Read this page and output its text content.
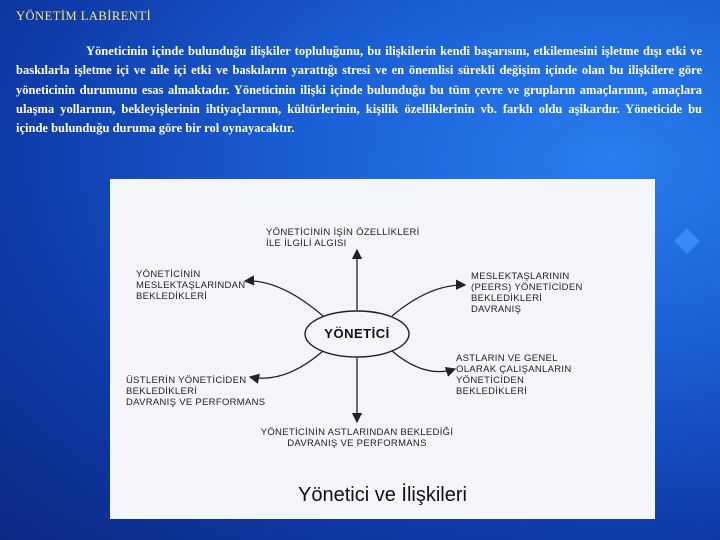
YÖNETİM LABİRENTİ
Yöneticinin içinde bulunduğu ilişkiler topluluğunu, bu ilişkilerin kendi başarısını, etkilemesini işletme dışı etki ve baskılarla işletme içi ve aile içi etki ve baskıların yarattığı stresi ve en önemlisi sürekli değişim içinde olan bu ilişkilere göre yöneticinin durumunu esas almaktadır. Yöneticinin ilişki içinde bulunduğu bu tüm çevre ve grupların amaçlarının, amaçlara ulaşma yollarının, bekleyişlerinin ihtiyaçlarının, kültürlerinin, kişilik özelliklerinin vb. farklı oldu aşikardır. Yöneticide bu içinde bulunduğu duruma göre bir rol oynayacaktır.
YÖNETİCİNİN İŞİN ÖZELLİKLERİ
İLE İLGİLİ ALGISI
YÖNETİCİNİN
MESLEKTAŞLARINDAN
BEKLEDİKLERİ
MESLEKTAŞLARININ
(PEERS) YÖNETİCİDEN
BEKLEDİKLERİ
DAVRANIŞ
ÜSTLERİN YÖNETİCİDEN
BEKLEDİKLERİ
DAVRANIŞ VE PERFORMANS
ASTLARIN VE GENEL
OLARAK ÇALIŞANLARIN
YÖNETİCİDEN
BEKLEDİKLERİ
YÖNETİCİNİN ASTLARINDAN BEKLEDİĞİ
DAVRANIŞ VE PERFORMANS
YÖNETİCİ
Yönetici ve İlişkileri
